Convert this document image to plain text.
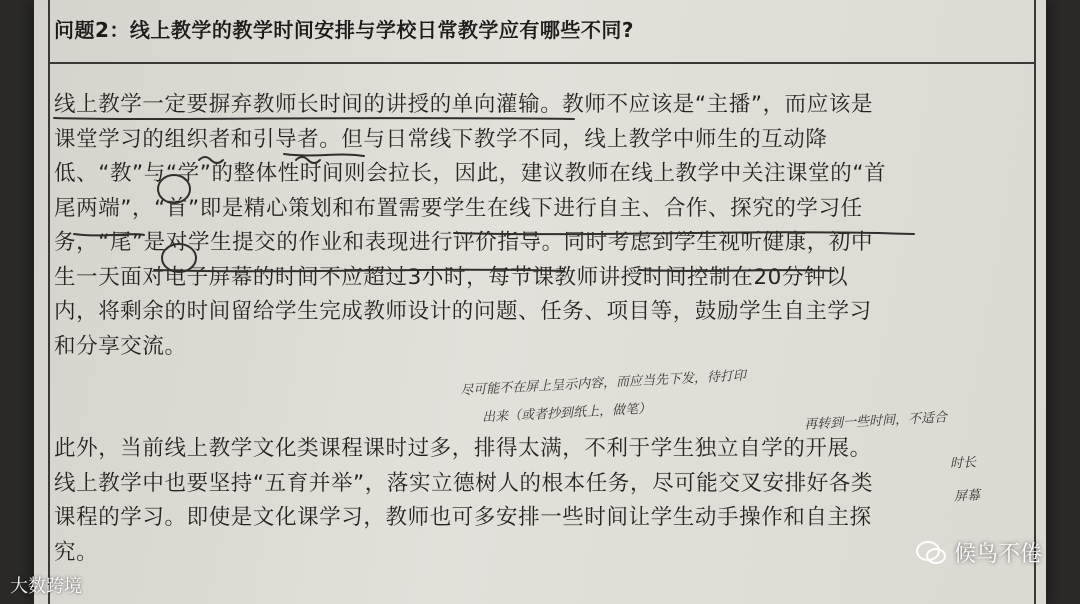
问题2：线上教学的教学时间安排与学校日常教学应有哪些不同?
线上教学一定要摒弃教师长时间的讲授的单向灌输。教师不应该是“主播”，而应该是
课堂学习的组织者和引导者。但与日常线下教学不同，线上教学中师生的互动降
低、“教”与“学”的整体性时间则会拉长，因此，建议教师在线上教学中关注课堂的“首
尾两端”，“首”即是精心策划和布置需要学生在线下进行自主、合作、探究的学习任
务，“尾”是对学生提交的作业和表现进行评价指导。同时考虑到学生视听健康，初中
生一天面对电子屏幕的时间不应超过3小时，每节课教师讲授时间控制在20分钟以
内，将剩余的时间留给学生完成教师设计的问题、任务、项目等，鼓励学生自主学习
和分享交流。
此外，当前线上教学文化类课程课时过多，排得太满，不利于学生独立自学的开展。
线上教学中也要坚持“五育并举”，落实立德树人的根本任务，尽可能交叉安排好各类
课程的学习。即使是文化课学习，教师也可多安排一些时间让学生动手操作和自主探
究。
尽可能不在屏上呈示内容，而应当先下发，待打印
出来（或者抄到纸上，做笔）	再转到一些时间，不适合
时长
屏幕
大数跨境
候鸟不倦
